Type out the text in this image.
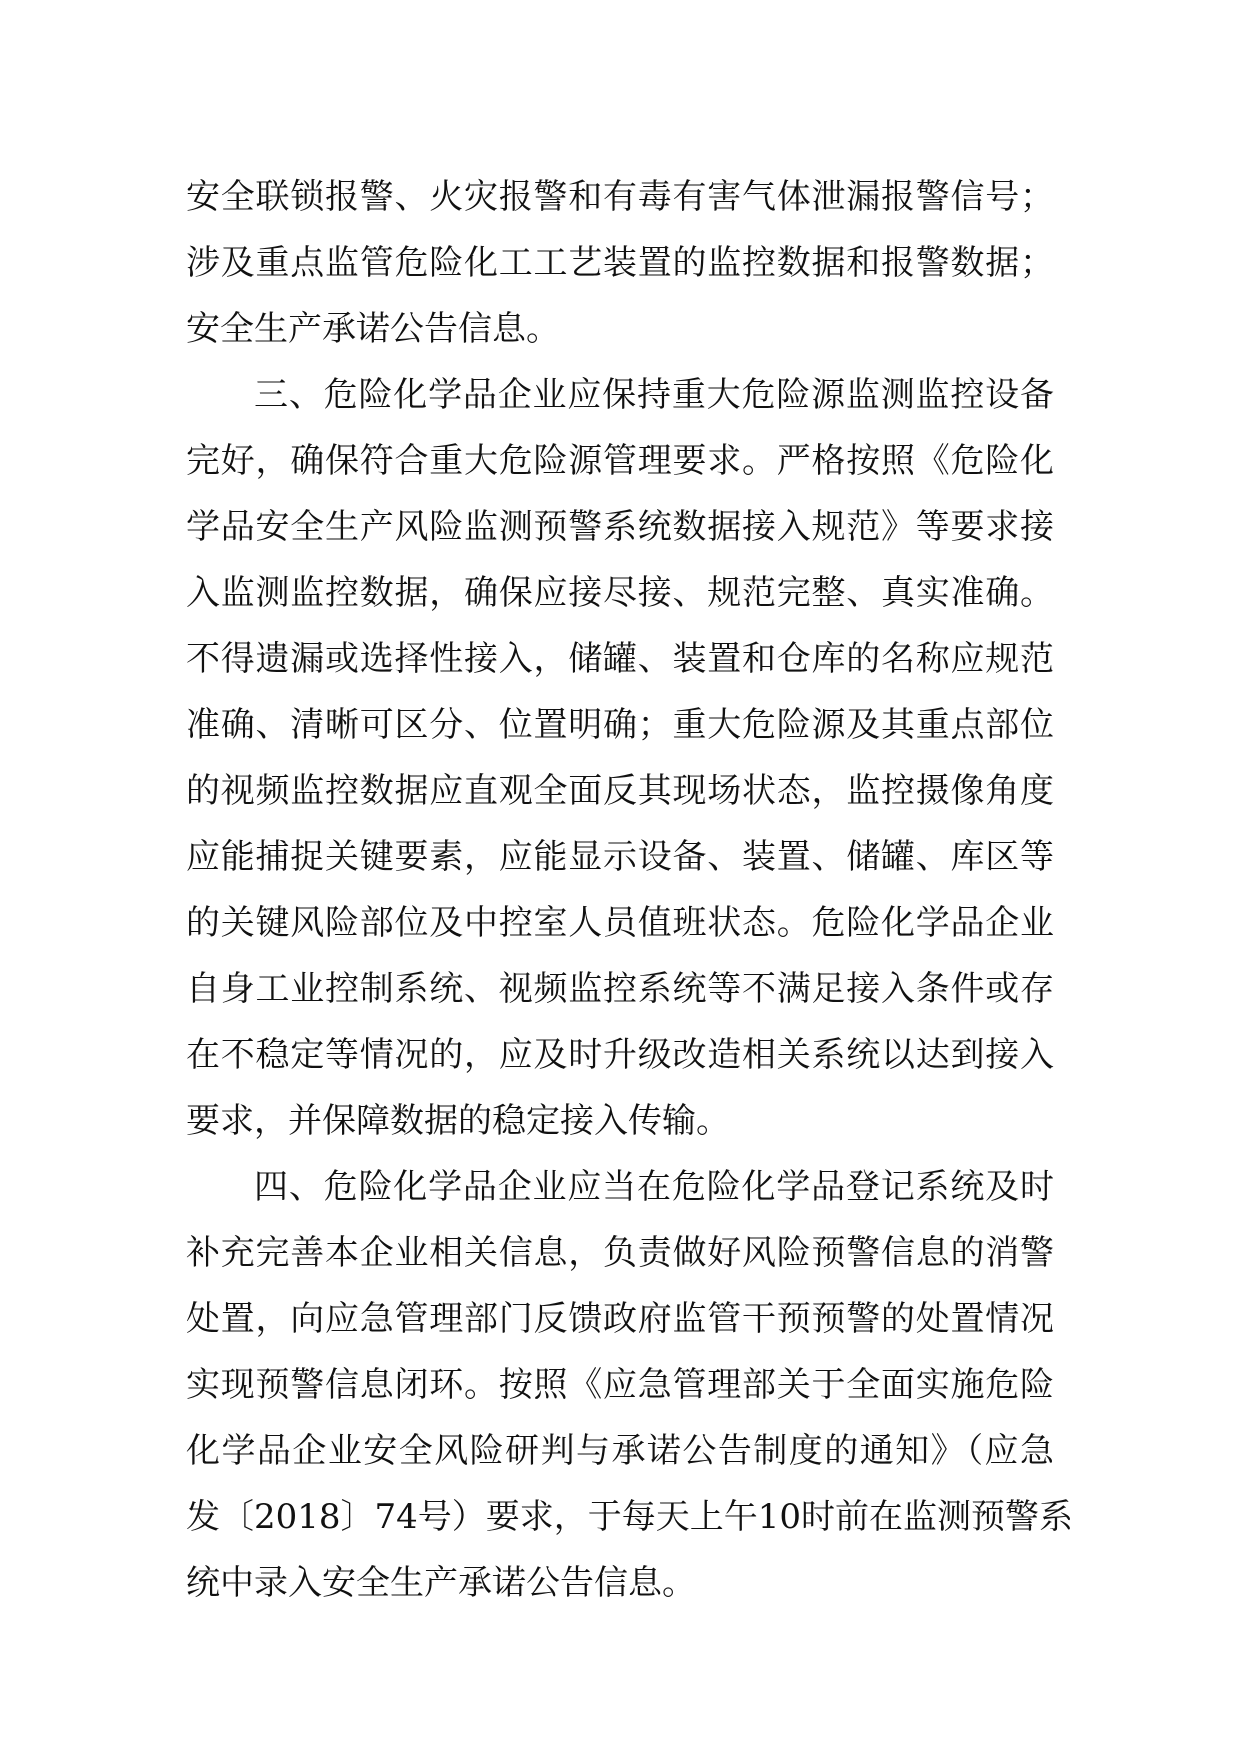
安全联锁报警、火灾报警和有毒有害气体泄漏报警信号；
涉及重点监管危险化工工艺装置的监控数据和报警数据；
安全生产承诺公告信息。
三、危险化学品企业应保持重大危险源监测监控设备
完好，确保符合重大危险源管理要求。严格按照《危险化
学品安全生产风险监测预警系统数据接入规范》等要求接
入监测监控数据，确保应接尽接、规范完整、真实准确。
不得遗漏或选择性接入，储罐、装置和仓库的名称应规范
准确、清晰可区分、位置明确；重大危险源及其重点部位
的视频监控数据应直观全面反其现场状态，监控摄像角度
应能捕捉关键要素，应能显示设备、装置、储罐、库区等
的关键风险部位及中控室人员值班状态。危险化学品企业
自身工业控制系统、视频监控系统等不满足接入条件或存
在不稳定等情况的，应及时升级改造相关系统以达到接入
要求，并保障数据的稳定接入传输。
四、危险化学品企业应当在危险化学品登记系统及时
补充完善本企业相关信息，负责做好风险预警信息的消警
处置，向应急管理部门反馈政府监管干预预警的处置情况
实现预警信息闭环。按照《应急管理部关于全面实施危险
化学品企业安全风险研判与承诺公告制度的通知》（应急
发〔2018〕74号）要求，于每天上午10时前在监测预警系
统中录入安全生产承诺公告信息。
